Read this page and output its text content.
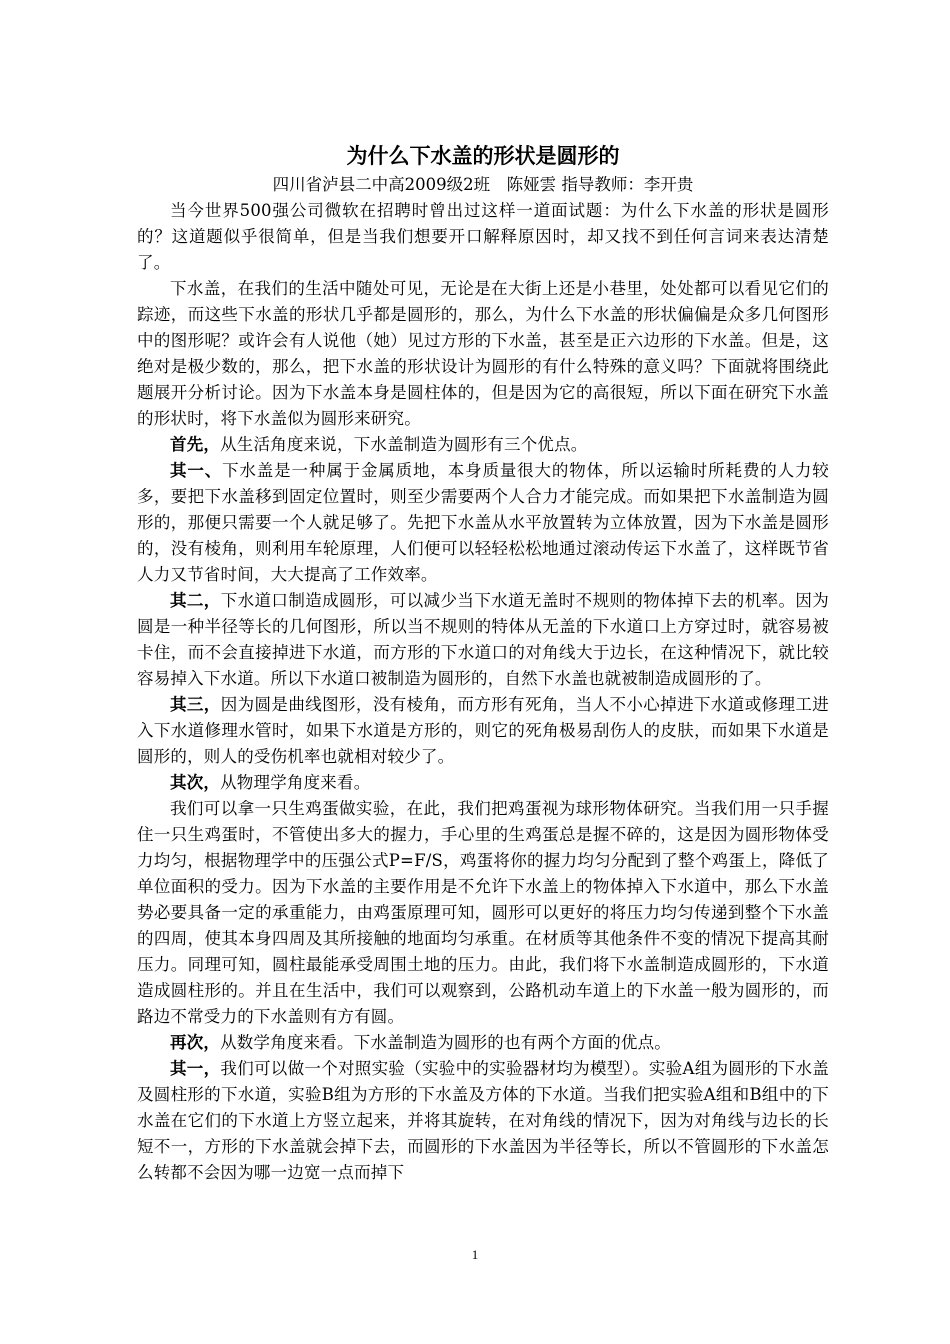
为什么下水盖的形状是圆形的
四川省泸县二中高2009级2班　陈娅雲 指导教师：李开贵

当今世界500强公司微软在招聘时曾出过这样一道面试题：为什么下水盖的形状是圆形的？这道题似乎很简单，但是当我们想要开口解释原因时，却又找不到任何言词来表达清楚了。

下水盖，在我们的生活中随处可见，无论是在大街上还是小巷里，处处都可以看见它们的踪迹，而这些下水盖的形状几乎都是圆形的，那么，为什么下水盖的形状偏偏是众多几何图形中的图形呢？或许会有人说他（她）见过方形的下水盖，甚至是正六边形的下水盖。但是，这绝对是极少数的，那么，把下水盖的形状设计为圆形的有什么特殊的意义吗？下面就将围绕此题展开分析讨论。因为下水盖本身是圆柱体的，但是因为它的高很短，所以下面在研究下水盖的形状时，将下水盖似为圆形来研究。

首先，从生活角度来说，下水盖制造为圆形有三个优点。

其一、下水盖是一种属于金属质地，本身质量很大的物体，所以运输时所耗费的人力较多，要把下水盖移到固定位置时，则至少需要两个人合力才能完成。而如果把下水盖制造为圆形的，那便只需要一个人就足够了。先把下水盖从水平放置转为立体放置，因为下水盖是圆形的，没有棱角，则利用车轮原理，人们便可以轻轻松松地通过滚动传运下水盖了，这样既节省人力又节省时间，大大提高了工作效率。

其二，下水道口制造成圆形，可以减少当下水道无盖时不规则的物体掉下去的机率。因为圆是一种半径等长的几何图形，所以当不规则的特体从无盖的下水道口上方穿过时，就容易被卡住，而不会直接掉进下水道，而方形的下水道口的对角线大于边长，在这种情况下，就比较容易掉入下水道。所以下水道口被制造为圆形的，自然下水盖也就被制造成圆形的了。

其三，因为圆是曲线图形，没有棱角，而方形有死角，当人不小心掉进下水道或修理工进入下水道修理水管时，如果下水道是方形的，则它的死角极易刮伤人的皮肤，而如果下水道是圆形的，则人的受伤机率也就相对较少了。

其次，从物理学角度来看。

我们可以拿一只生鸡蛋做实验，在此，我们把鸡蛋视为球形物体研究。当我们用一只手握住一只生鸡蛋时，不管使出多大的握力，手心里的生鸡蛋总是握不碎的，这是因为圆形物体受力均匀，根据物理学中的压强公式P=F/S，鸡蛋将你的握力均匀分配到了整个鸡蛋上，降低了单位面积的受力。因为下水盖的主要作用是不允许下水盖上的物体掉入下水道中，那么下水盖势必要具备一定的承重能力，由鸡蛋原理可知，圆形可以更好的将压力均匀传递到整个下水盖的四周，使其本身四周及其所接触的地面均匀承重。在材质等其他条件不变的情况下提高其耐压力。同理可知，圆柱最能承受周围土地的压力。由此，我们将下水盖制造成圆形的，下水道造成圆柱形的。并且在生活中，我们可以观察到，公路机动车道上的下水盖一般为圆形的，而路边不常受力的下水盖则有方有圆。

再次，从数学角度来看。下水盖制造为圆形的也有两个方面的优点。

其一，我们可以做一个对照实验（实验中的实验器材均为模型）。实验A组为圆形的下水盖及圆柱形的下水道，实验B组为方形的下水盖及方体的下水道。当我们把实验A组和B组中的下水盖在它们的下水道上方竖立起来，并将其旋转，在对角线的情况下，因为对角线与边长的长短不一，方形的下水盖就会掉下去，而圆形的下水盖因为半径等长，所以不管圆形的下水盖怎么转都不会因为哪一边宽一点而掉下

1
